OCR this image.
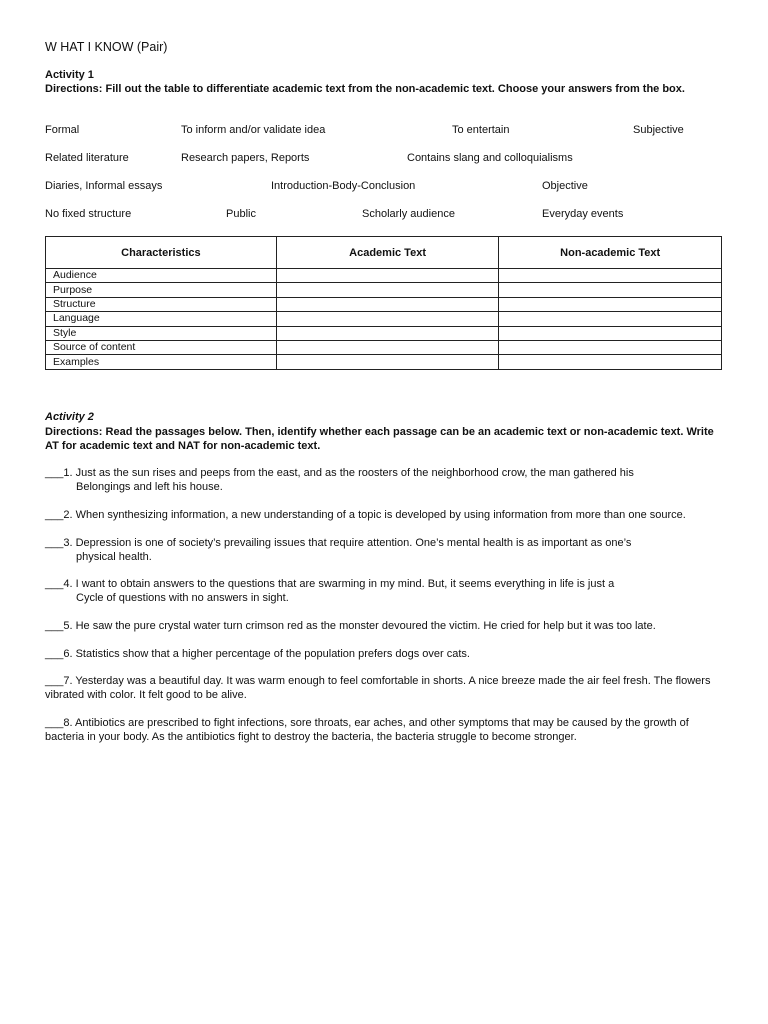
W HAT I KNOW (Pair)
Activity 1
Directions: Fill out the table to differentiate academic text from the non-academic text. Choose your answers from the box.
Formal	To inform and/or validate idea	To entertain	Subjective
Related literature	Research papers, Reports	Contains slang and colloquialisms
Diaries, Informal essays	Introduction-Body-Conclusion	Objective
No fixed structure	Public	Scholarly audience	Everyday events
Characteristics	Academic Text	Non-academic Text
Audience		
Purpose		
Structure		
Language		
Style		
Source of content		
Examples		
Activity 2
Directions: Read the passages below. Then, identify whether each passage can be an academic text or non-academic text. Write AT for academic text and NAT for non-academic text.
___1. Just as the sun rises and peeps from the east, and as the roosters of the neighborhood crow, the man gathered his
Belongings and left his house.
___2. When synthesizing information, a new understanding of a topic is developed by using information from more than one source.
___3. Depression is one of society’s prevailing issues that require attention. One’s mental health is as important as one’s
physical health.
___4. I want to obtain answers to the questions that are swarming in my mind. But, it seems everything in life is just a
Cycle of questions with no answers in sight.
___5. He saw the pure crystal water turn crimson red as the monster devoured the victim. He cried for help but it was too late.
___6. Statistics show that a higher percentage of the population prefers dogs over cats.
___7. Yesterday was a beautiful day. It was warm enough to feel comfortable in shorts. A nice breeze made the air feel fresh. The flowers vibrated with color. It felt good to be alive.
___8. Antibiotics are prescribed to fight infections, sore throats, ear aches, and other symptoms that may be caused by the growth of bacteria in your body. As the antibiotics fight to destroy the bacteria, the bacteria struggle to become stronger.
